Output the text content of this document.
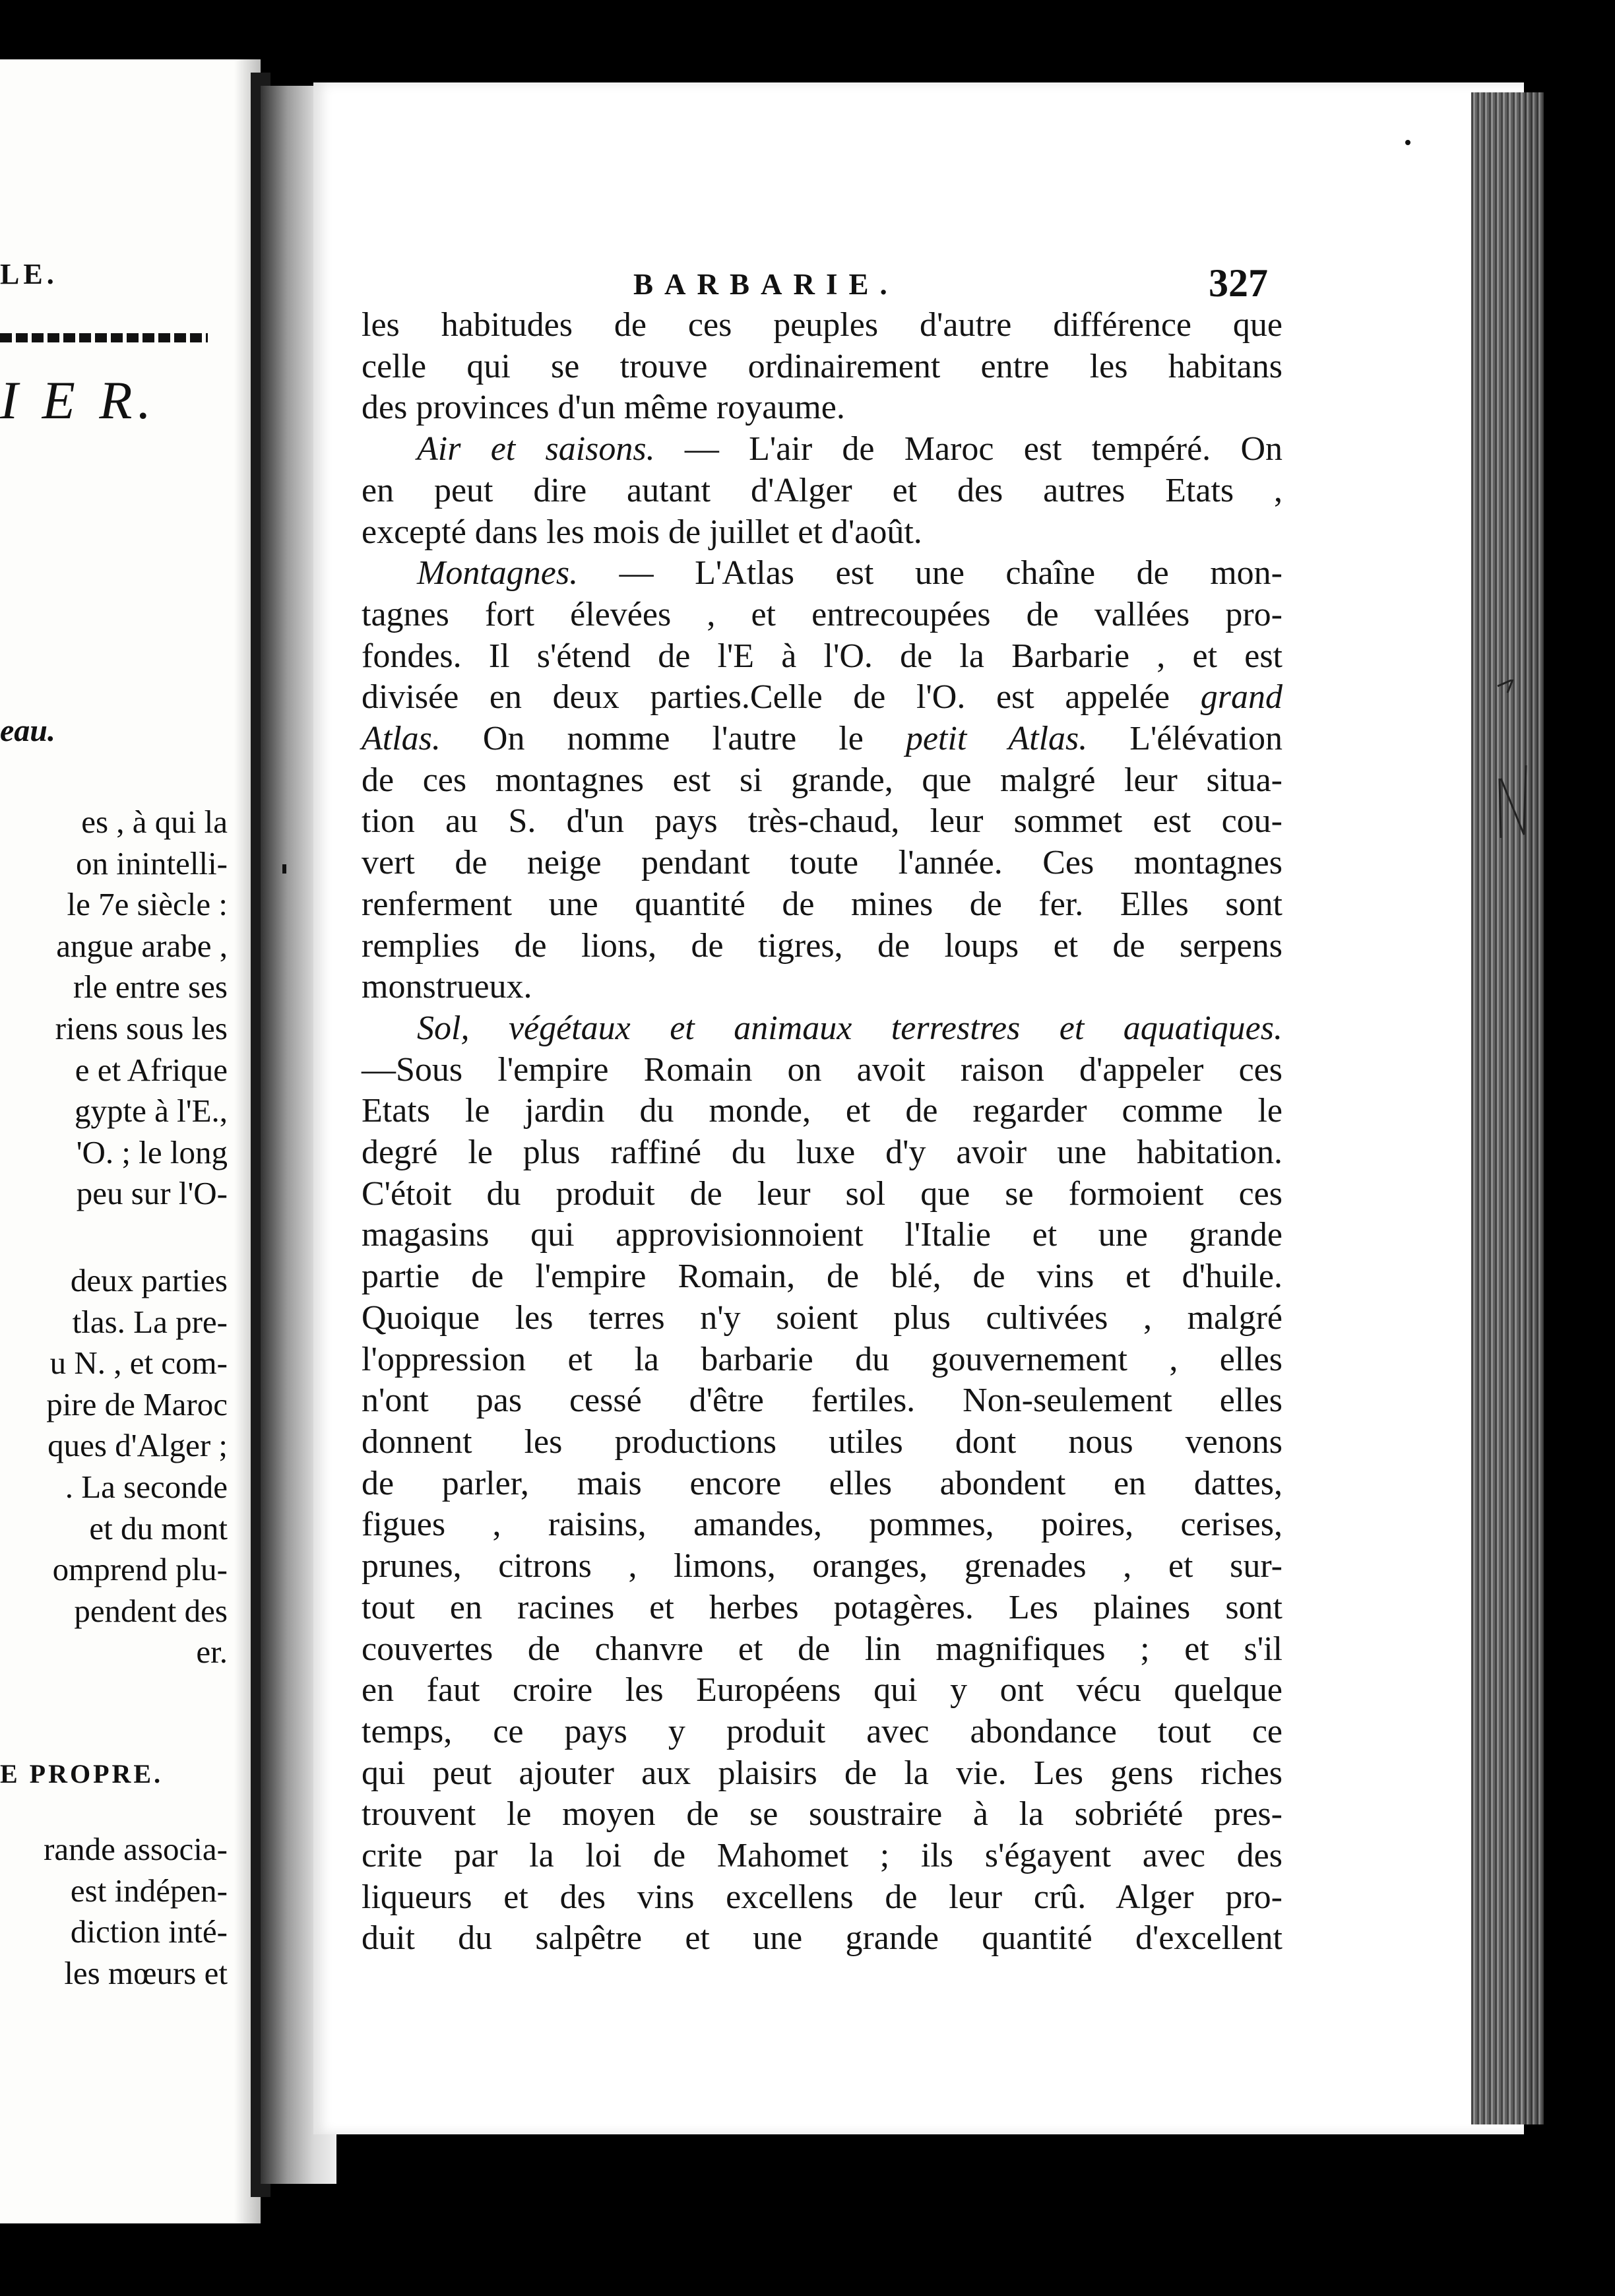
LE.
I E R.
eau.
es , à qui la
on inintelli-
le 7e siècle :
angue arabe ,
rle entre ses
riens sous les
e et Afrique
gypte à l'E.,
'O. ; le long
peu sur l'O-
deux parties
tlas. La pre-
u N. , et com-
pire de Maroc
ques d'Alger ;
. La seconde
et du mont
omprend plu-
pendent des
er.
E PROPRE.
rande associa-
est indépen-
diction inté-
les mœurs et
BARBARIE.	327
les habitudes de ces peuples d'autre différence que
celle qui se trouve ordinairement entre les habitans
des provinces d'un même royaume.
Air et saisons. — L'air de Maroc est tempéré. On
en peut dire autant d'Alger et des autres Etats ,
excepté dans les mois de juillet et d'août.
Montagnes. — L'Atlas est une chaîne de mon-
tagnes fort élevées , et entrecoupées de vallées pro-
fondes. Il s'étend de l'E à l'O. de la Barbarie , et est
divisée en deux parties.Celle de l'O. est appelée grand
Atlas. On nomme l'autre le petit Atlas. L'élévation
de ces montagnes est si grande, que malgré leur situa-
tion au S. d'un pays très-chaud, leur sommet est cou-
vert de neige pendant toute l'année. Ces montagnes
renferment une quantité de mines de fer. Elles sont
remplies de lions, de tigres, de loups et de serpens
monstrueux.
Sol, végétaux et animaux terrestres et aquatiques.
—Sous l'empire Romain on avoit raison d'appeler ces
Etats le jardin du monde, et de regarder comme le
degré le plus raffiné du luxe d'y avoir une habitation.
C'étoit du produit de leur sol que se formoient ces
magasins qui approvisionnoient l'Italie et une grande
partie de l'empire Romain, de blé, de vins et d'huile.
Quoique les terres n'y soient plus cultivées , malgré
l'oppression et la barbarie du gouvernement , elles
n'ont pas cessé d'être fertiles. Non-seulement elles
donnent les productions utiles dont nous venons
de parler, mais encore elles abondent en dattes,
figues , raisins, amandes, pommes, poires, cerises,
prunes, citrons , limons, oranges, grenades , et sur-
tout en racines et herbes potagères. Les plaines sont
couvertes de chanvre et de lin magnifiques ; et s'il
en faut croire les Européens qui y ont vécu quelque
temps, ce pays y produit avec abondance tout ce
qui peut ajouter aux plaisirs de la vie. Les gens riches
trouvent le moyen de se soustraire à la sobriété pres-
crite par la loi de Mahomet ; ils s'égayent avec des
liqueurs et des vins excellens de leur crû. Alger pro-
duit du salpêtre et une grande quantité d'excellent
